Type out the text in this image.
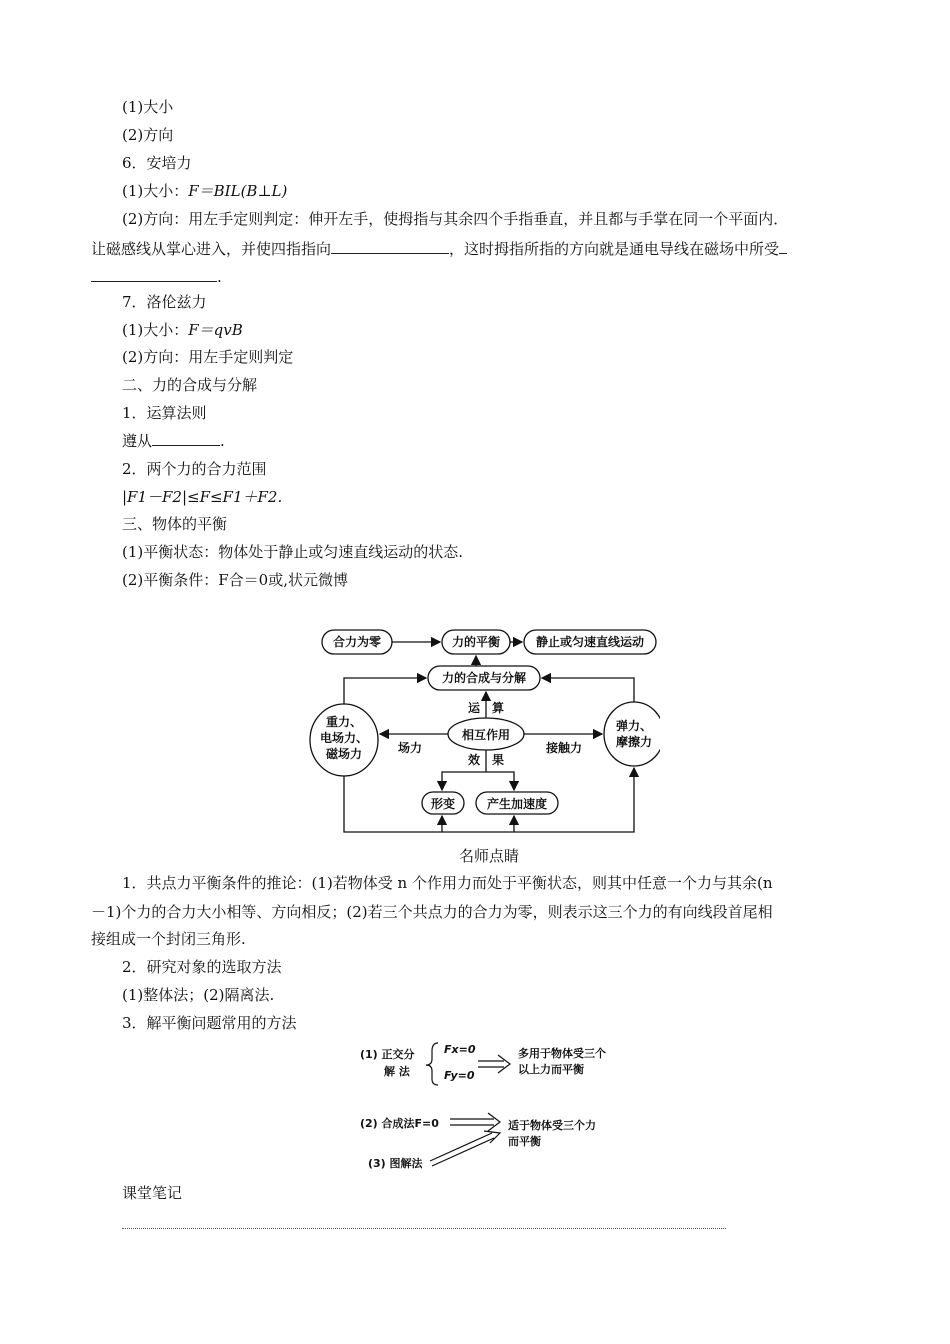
(1)大小
(2)方向
6．安培力
(1)大小：F＝BIL(B⊥L)
(2)方向：用左手定则判定：伸开左手，使拇指与其余四个手指垂直，并且都与手掌在同一个平面内．
让磁感线从掌心进入，并使四指指向	，这时拇指所指的方向就是通电导线在磁场中所受
.
7．洛伦兹力
(1)大小：F＝qvB
(2)方向：用左手定则判定
二、力的合成与分解
1．运算法则
遵从	.
2．两个力的合力范围
|F1－F2|≤F≤F1＋F2.
三、物体的平衡
(1)平衡状态：物体处于静止或匀速直线运动的状态.
(2)平衡条件：F合＝0或,状元微博
合力为零	力的平衡	静止或匀速直线运动
力的合成与分解
重力、
电场力、
磁场力
相互作用
弹力、
摩擦力
形变	产生加速度
运 算
场力	接触力
效 果
名师点睛
1．共点力平衡条件的推论：(1)若物体受 n 个作用力而处于平衡状态，则其中任意一个力与其余(n
－1)个力的合力大小相等、方向相反；(2)若三个共点力的合力为零，则表示这三个力的有向线段首尾相
接组成一个封闭三角形.
2．研究对象的选取方法
(1)整体法；(2)隔离法.
3．解平衡问题常用的方法
(1) 正交分
解 法
Fx=0
Fy=0
多用于物体受三个
以上力而平衡
(2) 合成法F=0	适于物体受三个力
而平衡
(3) 图解法
课堂笔记
